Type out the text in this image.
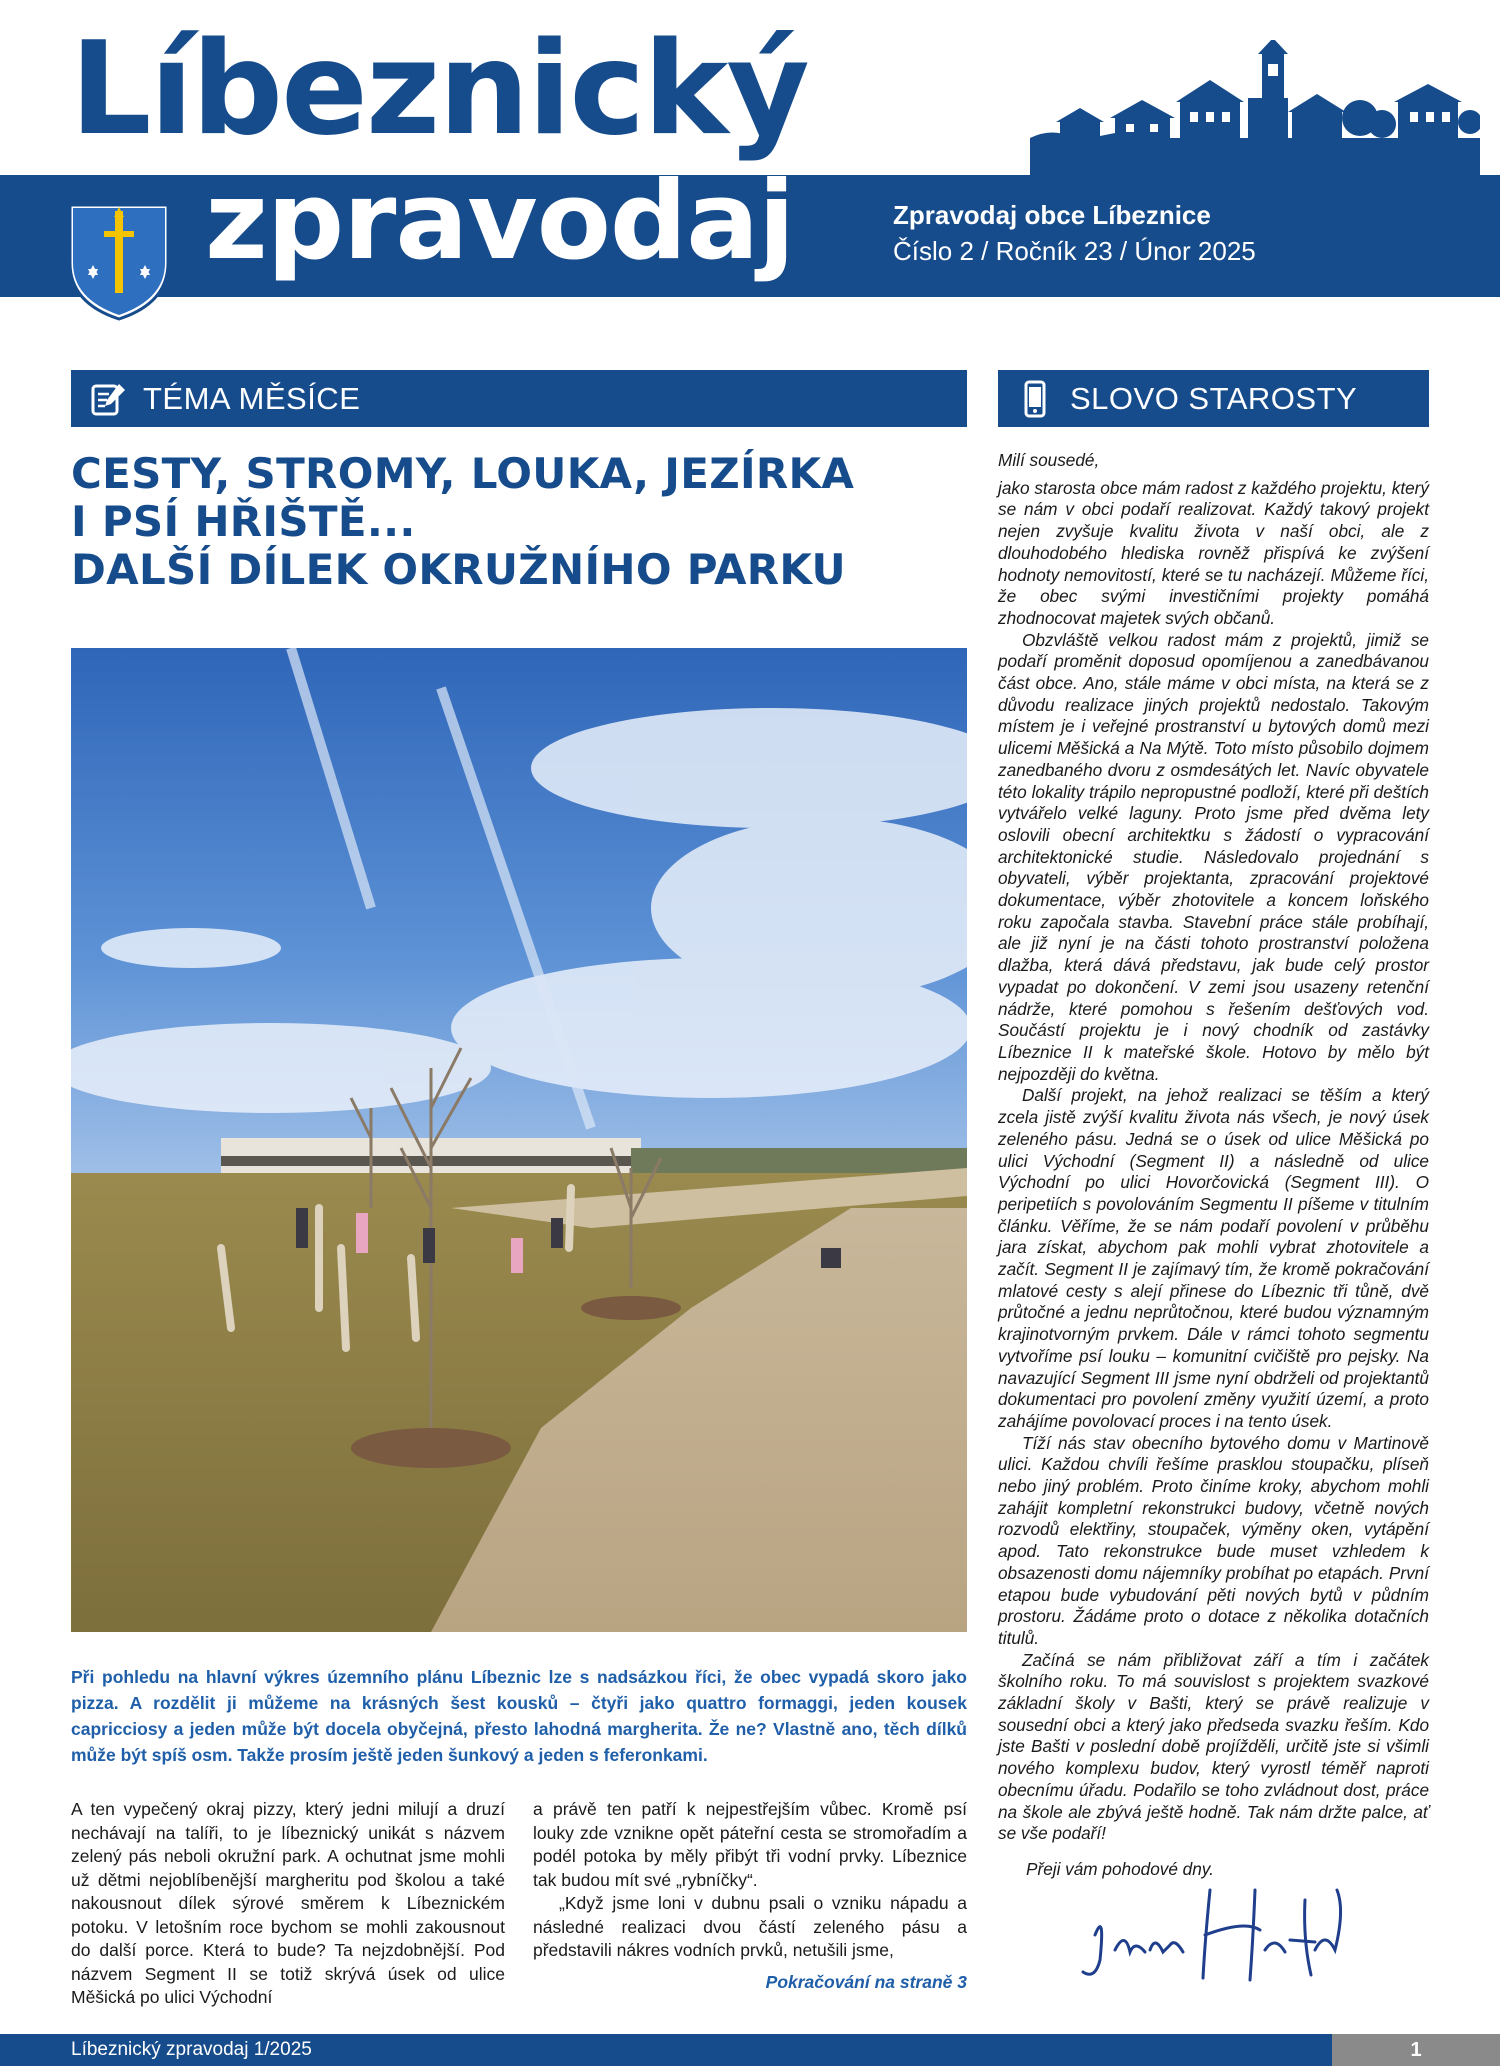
Líbeznický
zpravodaj	Zpravodaj obce Líbeznice
Číslo 2 / Ročník 23 / Únor 2025
TÉMA MĚSÍCE	SLOVO STAROSTY
CESTY, STROMY, LOUKA, JEZÍRKA
I PSÍ HŘIŠTĚ...
DALŠÍ DÍLEK OKRUŽNÍHO PARKU
Při pohledu na hlavní výkres územního plánu Líbeznic lze s nadsázkou říci, že obec vypadá skoro jako pizza. A rozdělit ji můžeme na krásných šest kousků – čtyři jako quattro formaggi, jeden kousek capricciosy a jeden může být docela obyčejná, přesto lahodná margherita. Že ne? Vlastně ano, těch dílků může být spíš osm. Takže prosím ještě jeden šunkový a jeden s feferonkami.

A ten vypečený okraj pizzy, který jedni milují a druzí nechávají na talíři, to je líbeznický unikát s názvem zelený pás neboli okružní park. A ochutnat jsme mohli už dětmi nejoblíbenější margheritu pod školou a také nakousnout dílek sýrové směrem k Líbeznickém potoku. V letošním roce bychom se mohli zakousnout do další porce. Která to bude? Ta nejzdobnější. Pod názvem Segment II se totiž skrývá úsek od ulice Měšická po ulici Východní

a právě ten patří k nejpestřejším vůbec. Kromě psí louky zde vznikne opět páteřní cesta se stromořadím a podél potoka by měly přibýt tři vodní prvky. Líbeznice tak budou mít své „rybníčky“.

„Když jsme loni v dubnu psali o vzniku nápadu a následné realizaci dvou částí zeleného pásu a představili nákres vodních prvků, netušili jsme,

Pokračování na straně 3
Milí sousedé,

jako starosta obce mám radost z každého projektu, který se nám v obci podaří realizovat. Každý takový projekt nejen zvyšuje kvalitu života v naší obci, ale z dlouhodobého hlediska rovněž přispívá ke zvýšení hodnoty nemovitostí, které se tu nacházejí. Můžeme říci, že obec svými investičními projekty pomáhá zhodnocovat majetek svých občanů.

Obzvláště velkou radost mám z projektů, jimiž se podaří proměnit doposud opomíjenou a zanedbávanou část obce. Ano, stále máme v obci místa, na která se z důvodu realizace jiných projektů nedostalo. Takovým místem je i veřejné prostranství u bytových domů mezi ulicemi Měšická a Na Mýtě. Toto místo působilo dojmem zanedbaného dvoru z osmdesátých let. Navíc obyvatele této lokality trápilo nepropustné podloží, které při deštích vytvářelo velké laguny. Proto jsme před dvěma lety oslovili obecní architektku s žádostí o vypracování architektonické studie. Následovalo projednání s obyvateli, výběr projektanta, zpracování projektové dokumentace, výběr zhotovitele a koncem loňského roku započala stavba. Stavební práce stále probíhají, ale již nyní je na části tohoto prostranství položena dlažba, která dává představu, jak bude celý prostor vypadat po dokončení. V zemi jsou usazeny retenční nádrže, které pomohou s řešením dešťových vod. Součástí projektu je i nový chodník od zastávky Líbeznice II k mateřské škole. Hotovo by mělo být nejpozději do května.

Další projekt, na jehož realizaci se těším a který zcela jistě zvýší kvalitu života nás všech, je nový úsek zeleného pásu. Jedná se o úsek od ulice Měšická po ulici Východní (Segment II) a následně od ulice Východní po ulici Hovorčovická (Segment III). O peripetiích s povolováním Segmentu II píšeme v titulním článku. Věříme, že se nám podaří povolení v průběhu jara získat, abychom pak mohli vybrat zhotovitele a začít. Segment II je zajímavý tím, že kromě pokračování mlatové cesty s alejí přinese do Líbeznic tři tůně, dvě průtočné a jednu neprůtočnou, které budou významným krajinotvorným prvkem. Dále v rámci tohoto segmentu vytvoříme psí louku – komunitní cvičiště pro pejsky. Na navazující Segment III jsme nyní obdrželi od projektantů dokumentaci pro povolení změny využití území, a proto zahájíme povolovací proces i na tento úsek.

Tíží nás stav obecního bytového domu v Martinově ulici. Každou chvíli řešíme prasklou stoupačku, plíseň nebo jiný problém. Proto činíme kroky, abychom mohli zahájit kompletní rekonstrukci budovy, včetně nových rozvodů elektřiny, stoupaček, výměny oken, vytápění apod. Tato rekonstrukce bude muset vzhledem k obsazenosti domu nájemníky probíhat po etapách. První etapou bude vybudování pěti nových bytů v půdním prostoru. Žádáme proto o dotace z několika dotačních titulů.

Začíná se nám přibližovat září a tím i začátek školního roku. To má souvislost s projektem svazkové základní školy v Bašti, který se právě realizuje v sousední obci a který jako předseda svazku řeším. Kdo jste Bašti v poslední době projížděli, určitě jste si všimli nového komplexu budov, který vyrostl téměř naproti obecnímu úřadu. Podařilo se toho zvládnout dost, práce na škole ale zbývá ještě hodně. Tak nám držte palce, ať se vše podaří!

Přeji vám pohodové dny.
Líbeznický zpravodaj 1/2025	1
